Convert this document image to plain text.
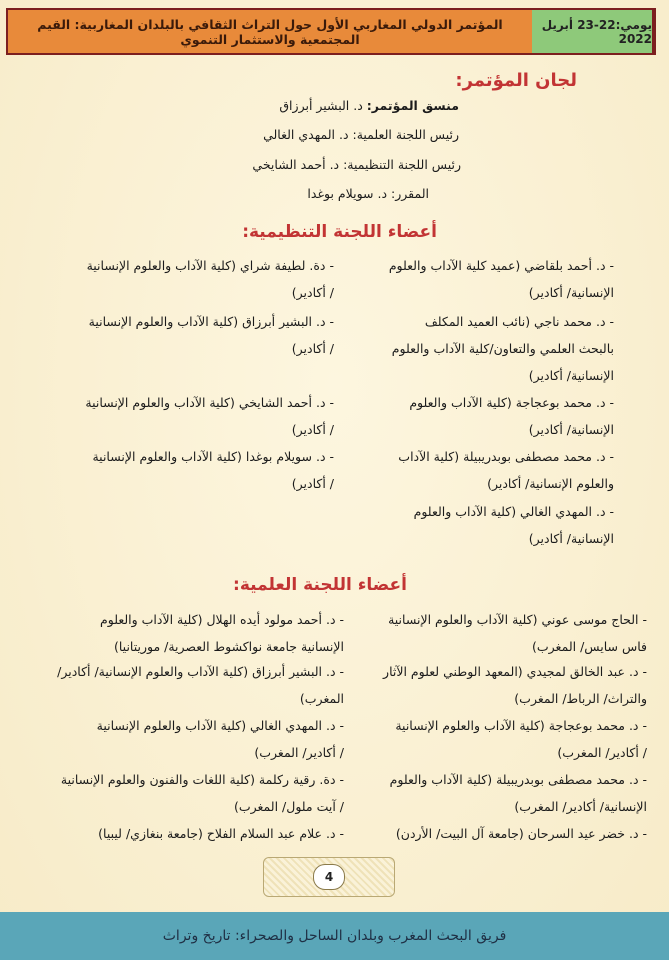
المؤتمر الدولي المغاربي الأول حول التراث الثقافي بالبلدان المغاربية: القيم المجتمعية والاستثمار التنموي
يومي:22-23 أبريل 2022
لجان المؤتمر:
منسق المؤتمر: د. البشير أبرزاق
رئيس اللجنة العلمية: د. المهدي الغالي
رئيس اللجنة التنظيمية: د. أحمد الشايخي
المقرر: د. سويلام بوغدا
أعضاء اللجنة التنظيمية:
- د. أحمد بلقاضي (عميد كلية الآداب والعلوم
الإنسانية/ أكادير)
- د. محمد ناجي (نائب العميد المكلف
بالبحث العلمي والتعاون/كلية الآداب والعلوم
الإنسانية/ أكادير)
- د. محمد بوعجاجة (كلية الآداب والعلوم
الإنسانية/ أكادير)
- د. محمد مصطفى بوبدريبيلة (كلية الآداب
والعلوم الإنسانية/ أكادير)
- د. المهدي الغالي (كلية الآداب والعلوم
الإنسانية/ أكادير)
- دة. لطيفة شراي (كلية الآداب والعلوم الإنسانية
/ أكادير)
- د. البشير أبرزاق (كلية الآداب والعلوم الإنسانية
/ أكادير)
- د. أحمد الشايخي (كلية الآداب والعلوم الإنسانية
/ أكادير)
- د. سويلام بوغدا (كلية الآداب والعلوم الإنسانية
/ أكادير)
أعضاء اللجنة العلمية:
- الحاج موسى عوني (كلية الآداب والعلوم الإنسانية
فاس سايس/ المغرب)
- د. عبد الخالق لمجيدي (المعهد الوطني لعلوم الآثار
والتراث/ الرباط/ المغرب)
- د. محمد بوعجاجة (كلية الآداب والعلوم الإنسانية
/ أكادير/ المغرب)
- د. محمد مصطفى بوبدريبيلة (كلية الآداب والعلوم
الإنسانية/ أكادير/ المغرب)
- د. خضر عيد السرحان (جامعة آل البيت/ الأردن)
- د. أحمد مولود أيده الهلال (كلية الآداب والعلوم
الإنسانية جامعة نواكشوط العصرية/ موريتانيا)
- د. البشير أبرزاق (كلية الآداب والعلوم الإنسانية/ أكادير/
المغرب)
- د. المهدي الغالي (كلية الآداب والعلوم الإنسانية
/ أكادير/ المغرب)
- دة. رقية ركلمة (كلية اللغات والفنون والعلوم الإنسانية
/ آيت ملول/ المغرب)
- د. علام عبد السلام الفلاح (جامعة بنغازي/ ليبيا)
4
فريق البحث المغرب وبلدان الساحل والصحراء: تاريخ وتراث
